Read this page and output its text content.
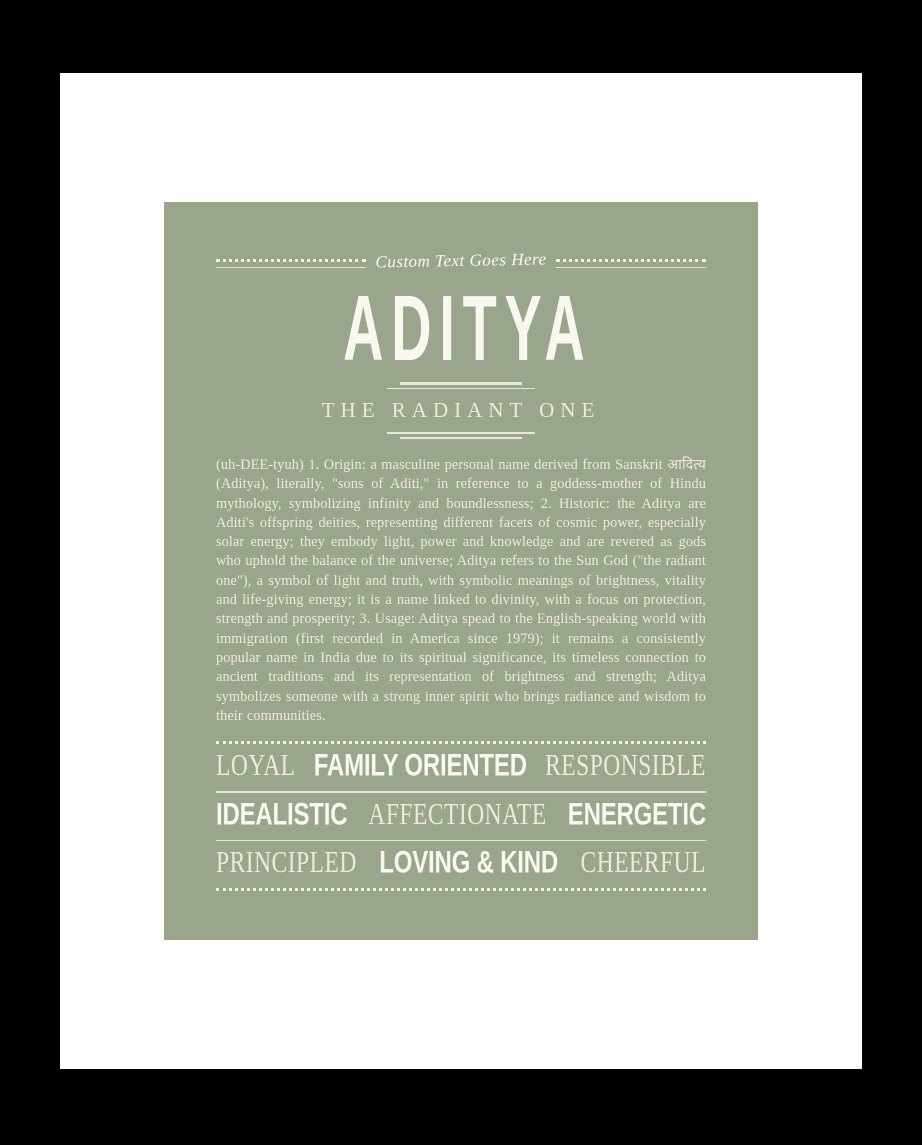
Custom Text Goes Here
ADITYA
THE RADIANT ONE

(uh-DEE-tyuh) 1. Origin: a masculine personal name derived from Sanskrit आदित्य (Aditya), literally, "sons of Aditi," in reference to a goddess-mother of Hindu mythology, symbolizing infinity and boundlessness; 2. Historic: the Aditya are Aditi's offspring deities, representing different facets of cosmic power, especially solar energy; they embody light, power and knowledge and are revered as gods who uphold the balance of the universe; Aditya refers to the Sun God ("the radiant one"), a symbol of light and truth, with symbolic meanings of brightness, vitality and life-giving energy; it is a name linked to divinity, with a focus on protection, strength and prosperity; 3. Usage: Aditya spead to the English-speaking world with immigration (first recorded in America since 1979); it remains a consistently popular name in India due to its spiritual significance, its timeless connection to ancient traditions and its representation of brightness and strength; Aditya symbolizes someone with a strong inner spirit who brings radiance and wisdom to their communities.

LOYAL FAMILY ORIENTED RESPONSIBLE
IDEALISTIC AFFECTIONATE ENERGETIC
PRINCIPLED LOVING & KIND CHEERFUL
